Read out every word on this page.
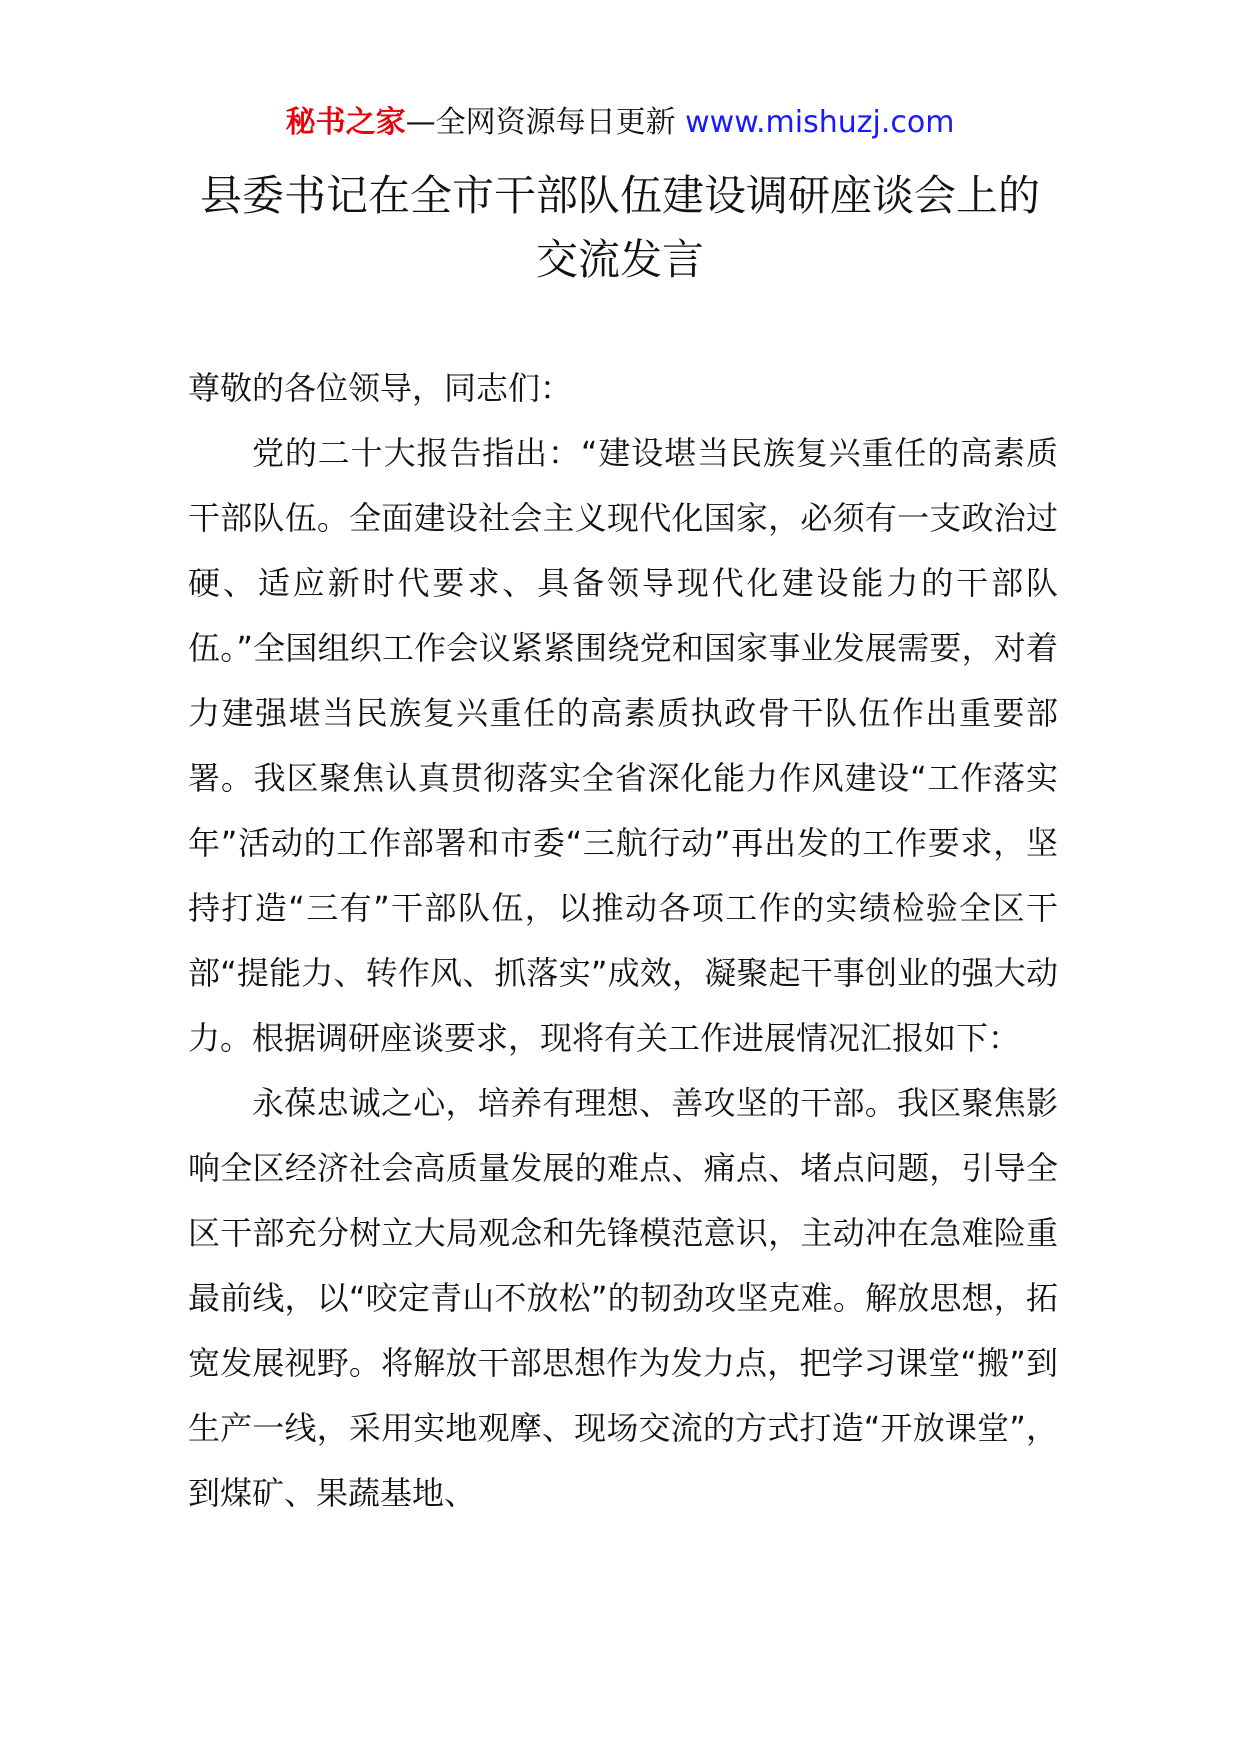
秘书之家—全网资源每日更新 www.mishuzj.com
县委书记在全市干部队伍建设调研座谈会上的
交流发言

尊敬的各位领导，同志们：

党的二十大报告指出：“建设堪当民族复兴重任的高素质干部队伍。全面建设社会主义现代化国家，必须有一支政治过硬、适应新时代要求、具备领导现代化建设能力的干部队伍。”全国组织工作会议紧紧围绕党和国家事业发展需要，对着力建强堪当民族复兴重任的高素质执政骨干队伍作出重要部署。我区聚焦认真贯彻落实全省深化能力作风建设“工作落实年”活动的工作部署和市委“三航行动”再出发的工作要求，坚持打造“三有”干部队伍，以推动各项工作的实绩检验全区干部“提能力、转作风、抓落实”成效，凝聚起干事创业的强大动力。根据调研座谈要求，现将有关工作进展情况汇报如下：

永葆忠诚之心，培养有理想、善攻坚的干部。我区聚焦影响全区经济社会高质量发展的难点、痛点、堵点问题，引导全区干部充分树立大局观念和先锋模范意识，主动冲在急难险重最前线，以“咬定青山不放松”的韧劲攻坚克难。解放思想，拓宽发展视野。将解放干部思想作为发力点，把学习课堂“搬”到生产一线，采用实地观摩、现场交流的方式打造“开放课堂”，到煤矿、果蔬基地、
